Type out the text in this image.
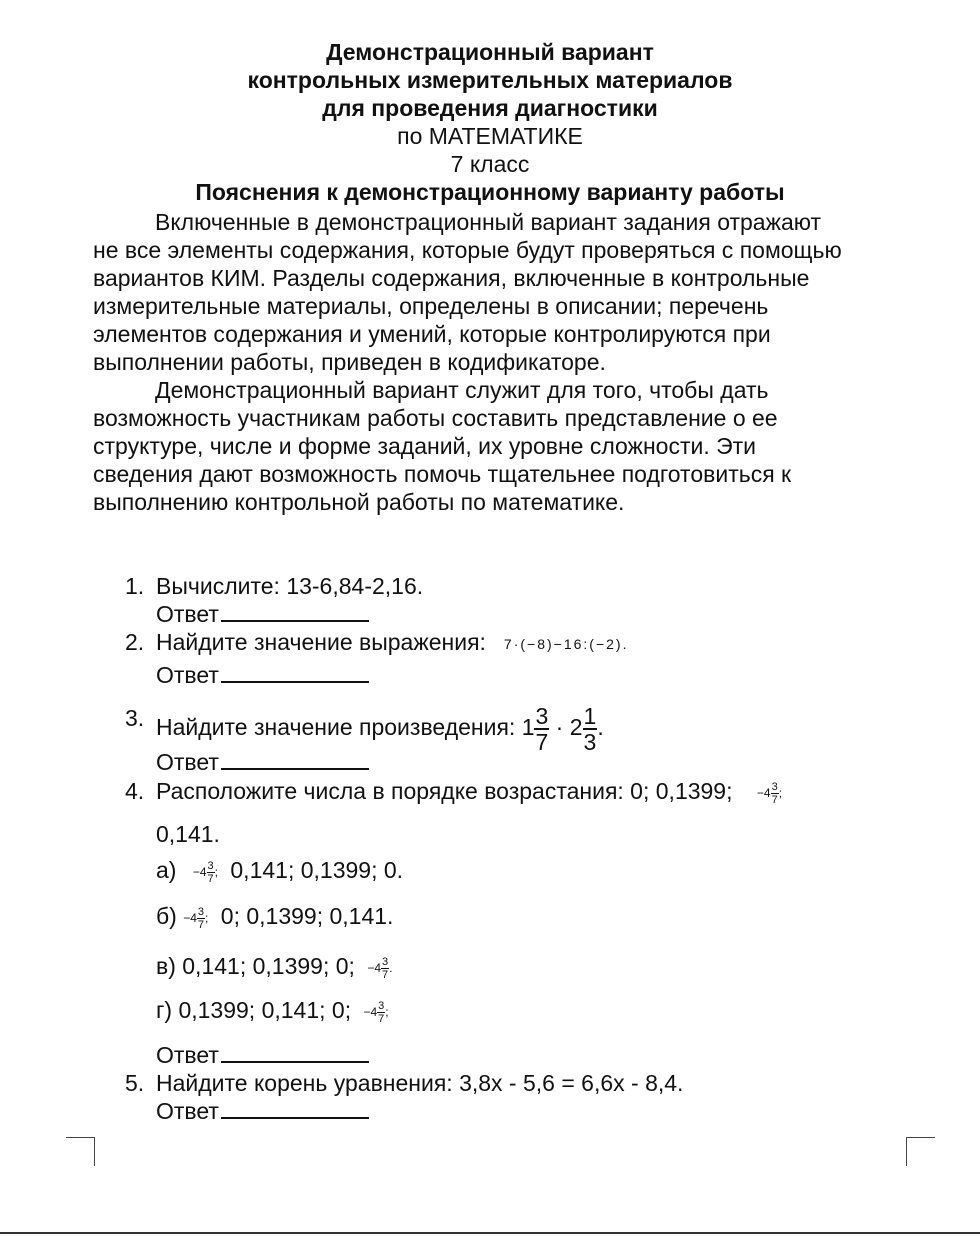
Демонстрационный вариант
контрольных измерительных материалов
для проведения диагностики
по МАТЕМАТИКЕ
7 класс
Пояснения к демонстрационному варианту работы
Включенные в демонстрационный вариант задания отражают
не все элементы содержания, которые будут проверяться с помощью
вариантов КИМ. Разделы содержания, включенные в контрольные
измерительные материалы, определены в описании; перечень
элементов содержания и умений, которые контролируются при
выполнении работы, приведен в кодификаторе.
Демонстрационный вариант служит для того, чтобы дать
возможность участникам работы составить представление о ее
структуре, числе и форме заданий, их уровне сложности. Эти
сведения дают возможность помочь тщательнее подготовиться к
выполнению контрольной работы по математике.
1. Вычислите: 13-6,84-2,16.
Ответ
2. Найдите значение выражения: 7·(−8)−16:(−2).
Ответ
3. Найдите значение произведения: $1 \frac{3}{7} \cdot 2 \frac{1}{3}$ .
Ответ
4. Расположите числа в порядке возрастания: 0; 0,1399; $-4 \frac{3}{7}$ ;
0,141.
$а) -4 \frac{3}{7}$ ; 0,141; 0,1399; 0.
$б) -4 \frac{3}{7}$ ; 0; 0,1399; 0,141.
в) 0,141; 0,1399; 0; $-4 \frac{3}{7}$ .
г) 0,1399; 0,141; 0; $-4 \frac{3}{7}$ ;
Ответ
5. Найдите корень уравнения: 3,8x - 5,6 = 6,6x - 8,4.
Ответ
